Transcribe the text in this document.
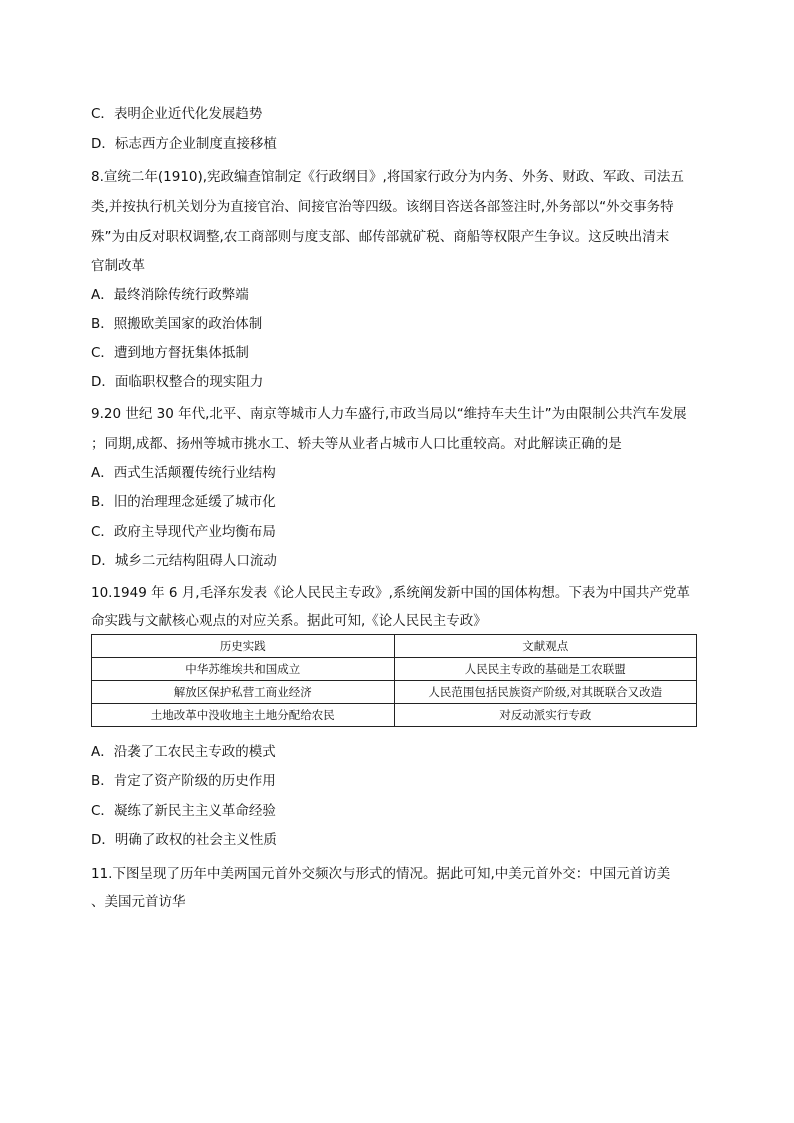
C．表明企业近代化发展趋势
D．标志西方企业制度直接移植
8.宣统二年(1910),宪政编查馆制定《行政纲目》,将国家行政分为内务、外务、财政、军政、司法五
类,并按执行机关划分为直接官治、间接官治等四级。该纲目咨送各部签注时,外务部以“外交事务特
殊”为由反对职权调整,农工商部则与度支部、邮传部就矿税、商船等权限产生争议。这反映出清末
官制改革
A．最终消除传统行政弊端
B．照搬欧美国家的政治体制
C．遭到地方督抚集体抵制
D．面临职权整合的现实阻力
9.20 世纪 30 年代,北平、南京等城市人力车盛行,市政当局以“维持车夫生计”为由限制公共汽车发展
；同期,成都、扬州等城市挑水工、轿夫等从业者占城市人口比重较高。对此解读正确的是
A．西式生活颠覆传统行业结构
B．旧的治理理念延缓了城市化
C．政府主导现代产业均衡布局
D．城乡二元结构阻碍人口流动
10.1949 年 6 月,毛泽东发表《论人民民主专政》,系统阐发新中国的国体构想。下表为中国共产党革
命实践与文献核心观点的对应关系。据此可知,《论人民民主专政》
历史实践	文献观点
中华苏维埃共和国成立	人民民主专政的基础是工农联盟
解放区保护私营工商业经济	人民范围包括民族资产阶级,对其既联合又改造
土地改革中没收地主土地分配给农民	对反动派实行专政
A．沿袭了工农民主专政的模式
B．肯定了资产阶级的历史作用
C．凝练了新民主主义革命经验
D．明确了政权的社会主义性质
11.下图呈现了历年中美两国元首外交频次与形式的情况。据此可知,中美元首外交：中国元首访美
、美国元首访华
